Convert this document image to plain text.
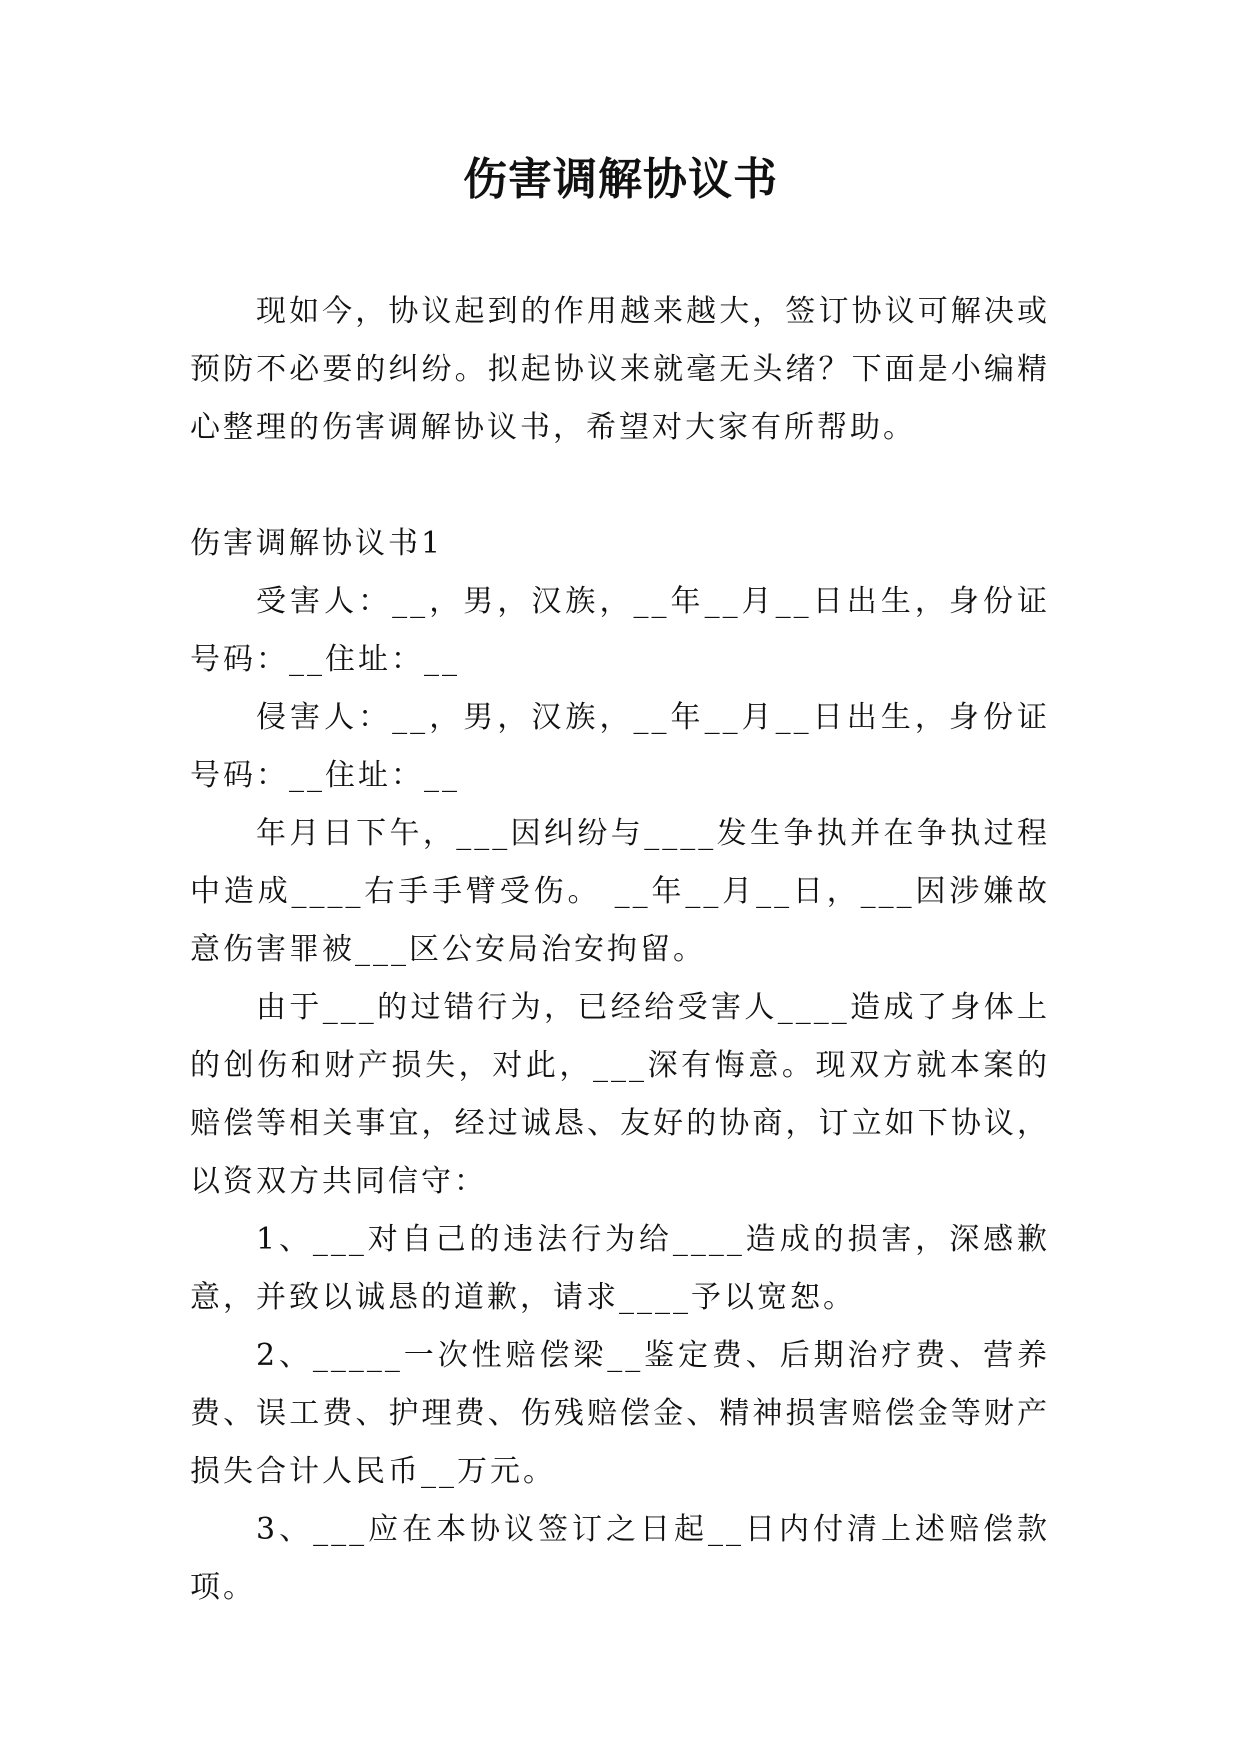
伤害调解协议书

现如今，协议起到的作用越来越大，签订协议可解决或预防不必要的纠纷。拟起协议来就毫无头绪？下面是小编精心整理的伤害调解协议书，希望对大家有所帮助。

伤害调解协议书1

受害人：__，男，汉族，__年__月__日出生，身份证号码：__住址：__

侵害人：__，男，汉族，__年__月__日出生，身份证号码：__住址：__

年月日下午，___因纠纷与____发生争执并在争执过程中造成____右手手臂受伤。 __年__月__日，___因涉嫌故意伤害罪被___区公安局治安拘留。

由于___的过错行为，已经给受害人____造成了身体上的创伤和财产损失，对此，___深有悔意。现双方就本案的赔偿等相关事宜，经过诚恳、友好的协商，订立如下协议，以资双方共同信守：

1、___对自己的违法行为给____造成的损害，深感歉意，并致以诚恳的道歉，请求____予以宽恕。

2、_____一次性赔偿梁__鉴定费、后期治疗费、营养费、误工费、护理费、伤残赔偿金、精神损害赔偿金等财产损失合计人民币__万元。

3、___应在本协议签订之日起__日内付清上述赔偿款项。
